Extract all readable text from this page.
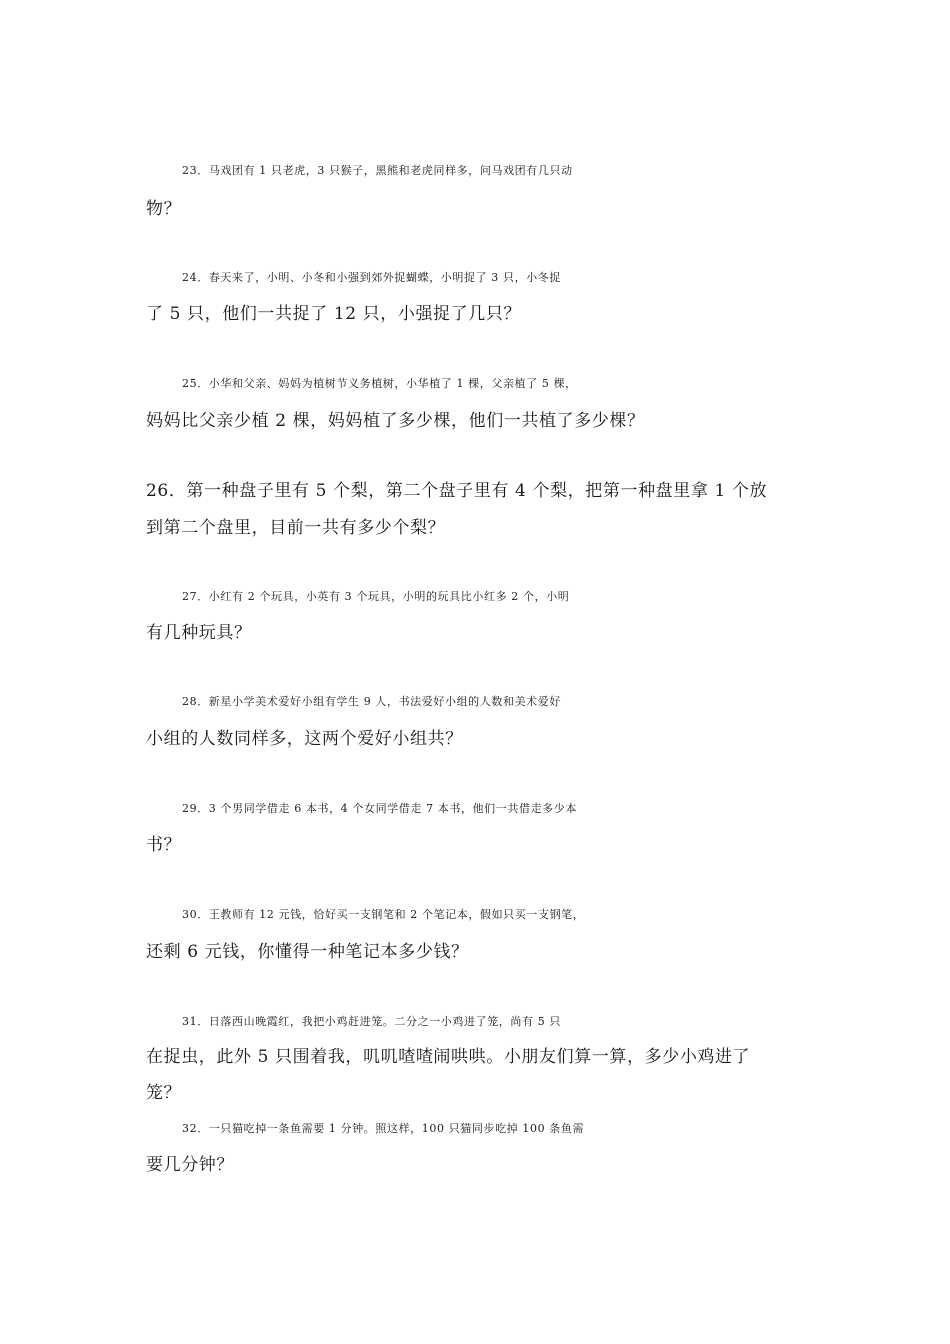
23．马戏团有 1 只老虎，3 只猴子，黑熊和老虎同样多，问马戏团有几只动
物？
24．春天来了，小明、小冬和小强到郊外捉蝴蝶，小明捉了 3 只，小冬捉
了 5 只，他们一共捉了 12 只，小强捉了几只？
25．小华和父亲、妈妈为植树节义务植树，小华植了 1 棵，父亲植了 5 棵，
妈妈比父亲少植 2 棵，妈妈植了多少棵，他们一共植了多少棵？
26．第一种盘子里有 5 个梨，第二个盘子里有 4 个梨，把第一种盘里拿 1 个放
到第二个盘里，目前一共有多少个梨？
27．小红有 2 个玩具，小英有 3 个玩具，小明的玩具比小红多 2 个，小明
有几种玩具？
28．新星小学美术爱好小组有学生 9 人，书法爱好小组的人数和美术爱好
小组的人数同样多，这两个爱好小组共？
29．3 个男同学借走 6 本书，4 个女同学借走 7 本书，他们一共借走多少本
书？
30．王教师有 12 元钱，恰好买一支钢笔和 2 个笔记本，假如只买一支钢笔，
还剩 6 元钱，你懂得一种笔记本多少钱？
31．日落西山晚霞红，我把小鸡赶进笼。二分之一小鸡进了笼，尚有 5 只
在捉虫，此外 5 只围着我，叽叽喳喳闹哄哄。小朋友们算一算，多少小鸡进了
笼？
32．一只猫吃掉一条鱼需要 1 分钟。照这样，100 只猫同步吃掉 100 条鱼需
要几分钟？
